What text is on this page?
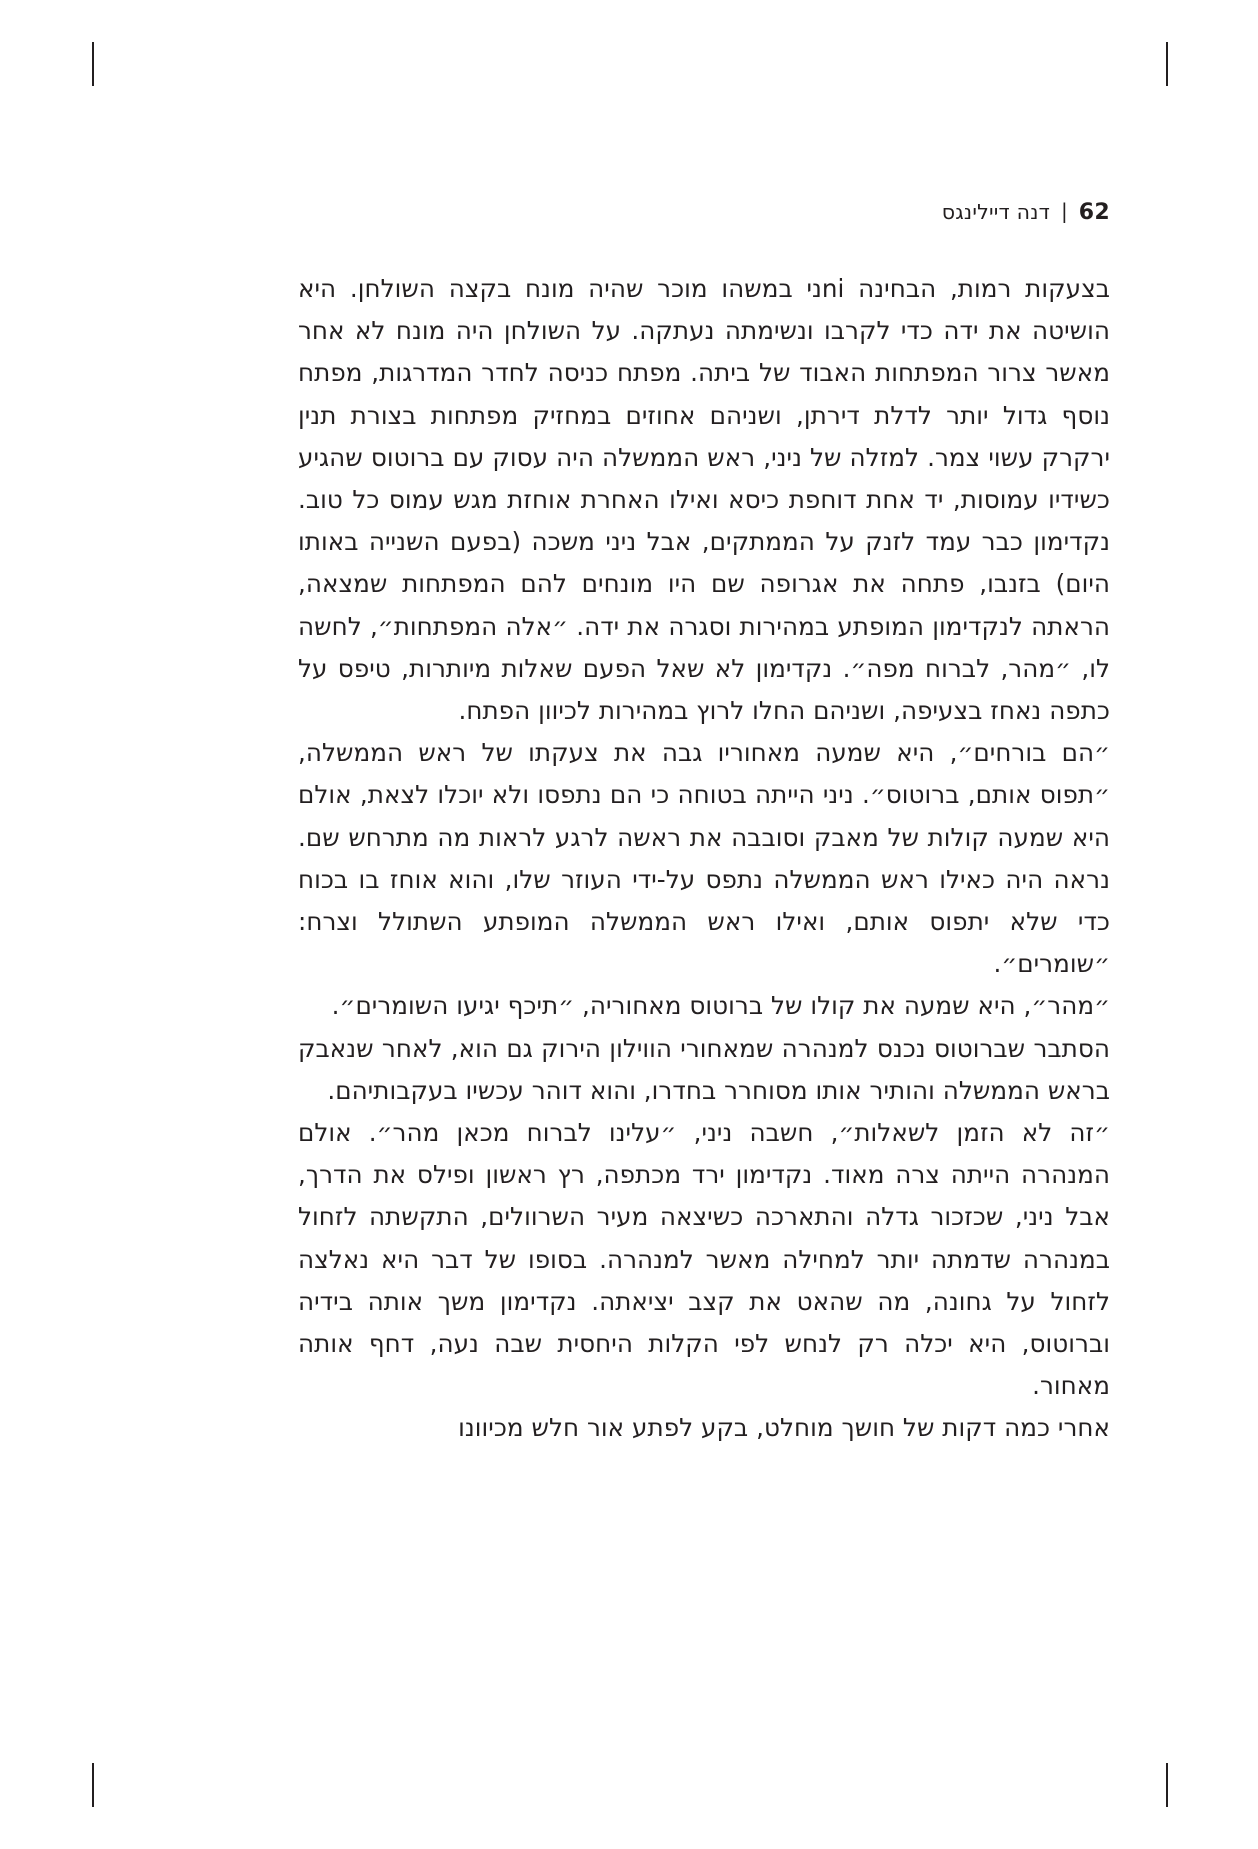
62
|
דנה דיילינגס

בצעקות רמות, הבחינה niני במשהו מוכר שהיה מונח בקצה השולחן. היא הושיטה את ידה כדי לקרבו ונשימתה נעתקה. על השולחן היה מונח לא אחר מאשר צרור המפתחות האבוד של ביתה. מפתח כניסה לחדר המדרגות, מפתח נוסף גדול יותר לדלת דירתן, ושניהם אחוזים במחזיק מפתחות בצורת תנין ירקרק עשוי צמר. למזלה של ניני, ראש הממשלה היה עסוק עם ברוטוס שהגיע כשידיו עמוסות, יד אחת דוחפת כיסא ואילו האחרת אוחזת מגש עמוס כל טוב. נקדימון כבר עמד לזנק על הממתקים, אבל ניני משכה (בפעם השנייה באותו היום) בזנבו, פתחה את אגרופה שם היו מונחים להם המפתחות שמצאה, הראתה לנקדימון המופתע במהירות וסגרה את ידה. ״אלה המפתחות״, לחשה לו, ״מהר, לברוח מפה״. נקדימון לא שאל הפעם שאלות מיותרות, טיפס על כתפה נאחז בצעיפה, ושניהם החלו לרוץ במהירות לכיוון הפתח.

״הם בורחים״, היא שמעה מאחוריו גבה את צעקתו של ראש הממשלה, ״תפוס אותם, ברוטוס״. ניני הייתה בטוחה כי הם נתפסו ולא יוכלו לצאת, אולם היא שמעה קולות של מאבק וסובבה את ראשה לרגע לראות מה מתרחש שם. נראה היה כאילו ראש הממשלה נתפס על-ידי העוזר שלו, והוא אוחז בו בכוח כדי שלא יתפוס אותם, ואילו ראש הממשלה המופתע השתולל וצרח: ״שומרים״.

״מהר״, היא שמעה את קולו של ברוטוס מאחוריה, ״תיכף יגיעו השומרים״.

הסתבר שברוטוס נכנס למנהרה שמאחורי הווילון הירוק גם הוא, לאחר שנאבק בראש הממשלה והותיר אותו מסוחרר בחדרו, והוא דוהר עכשיו בעקבותיהם.

״זה לא הזמן לשאלות״, חשבה ניני, ״עלינו לברוח מכאן מהר״. אולם המנהרה הייתה צרה מאוד. נקדימון ירד מכתפה, רץ ראשון ופילס את הדרך, אבל ניני, שכזכור גדלה והתארכה כשיצאה מעיר השרוולים, התקשתה לזחול במנהרה שדמתה יותר למחילה מאשר למנהרה. בסופו של דבר היא נאלצה לזחול על גחונה, מה שהאט את קצב יציאתה. נקדימון משך אותה בידיה וברוטוס, היא יכלה רק לנחש לפי הקלות היחסית שבה נעה, דחף אותה מאחור.

אחרי כמה דקות של חושך מוחלט, בקע לפתע אור חלש מכיוונו
